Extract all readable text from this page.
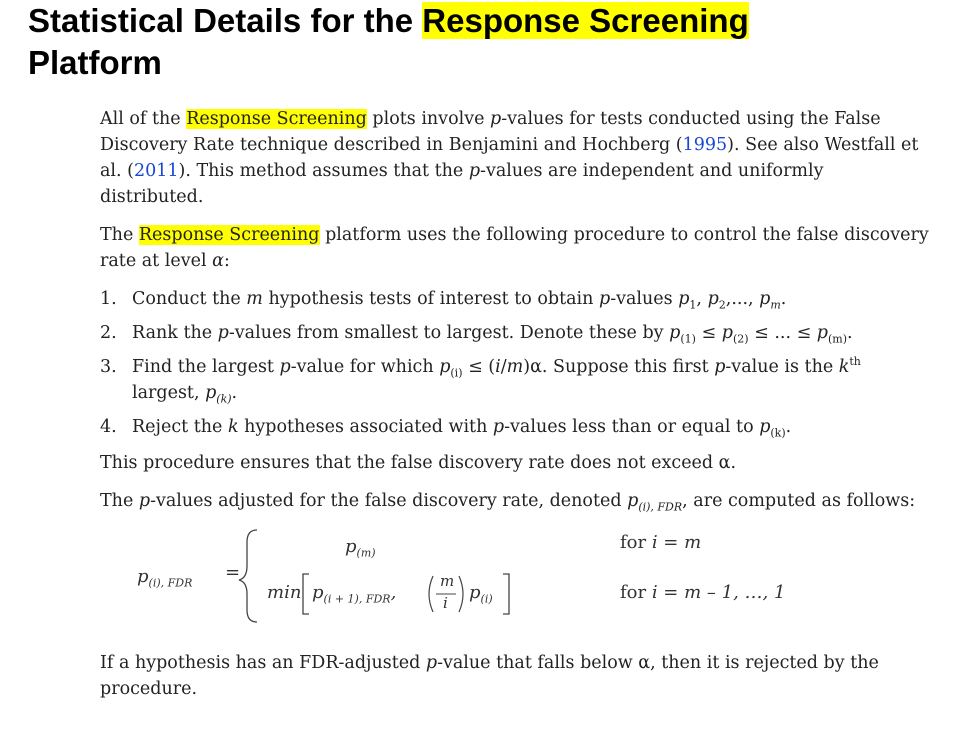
Statistical Details for the Response Screening
Platform

All of the Response Screening plots involve p-values for tests conducted using the False Discovery Rate technique described in Benjamini and Hochberg (1995). See also Westfall et al. (2011). This method assumes that the p-values are independent and uniformly distributed.

The Response Screening platform uses the following procedure to control the false discovery rate at level α:

1. Conduct the m hypothesis tests of interest to obtain p-values $p_1$, $p_2$,..., $p_m$.
2. Rank the p-values from smallest to largest. Denote these by $p_{(1)} \le p_{(2)}$ ≤ ... ≤ $p_{(m)}$.
3. Find the largest p-value for which $p_{(i)} \le (i/m)\alpha$. Suppose this first p-value is the $k^{th}$ largest, $p_{(k)}$.
4. Reject the k hypotheses associated with p-values less than or equal to $p_{(k)}$.

This procedure ensures that the false discovery rate does not exceed α.

The p-values adjusted for the false discovery rate, denoted $p_{(i), FDR}$, are computed as follows:

$p_{(i), FDR}$
=
$p_{(m)}$
for i = m
$\min p_{(i + 1), FDR}$,
m
i $p_{(i)}$	for i = m – 1, …, 1

If a hypothesis has an FDR-adjusted p-value that falls below α, then it is rejected by the procedure.
